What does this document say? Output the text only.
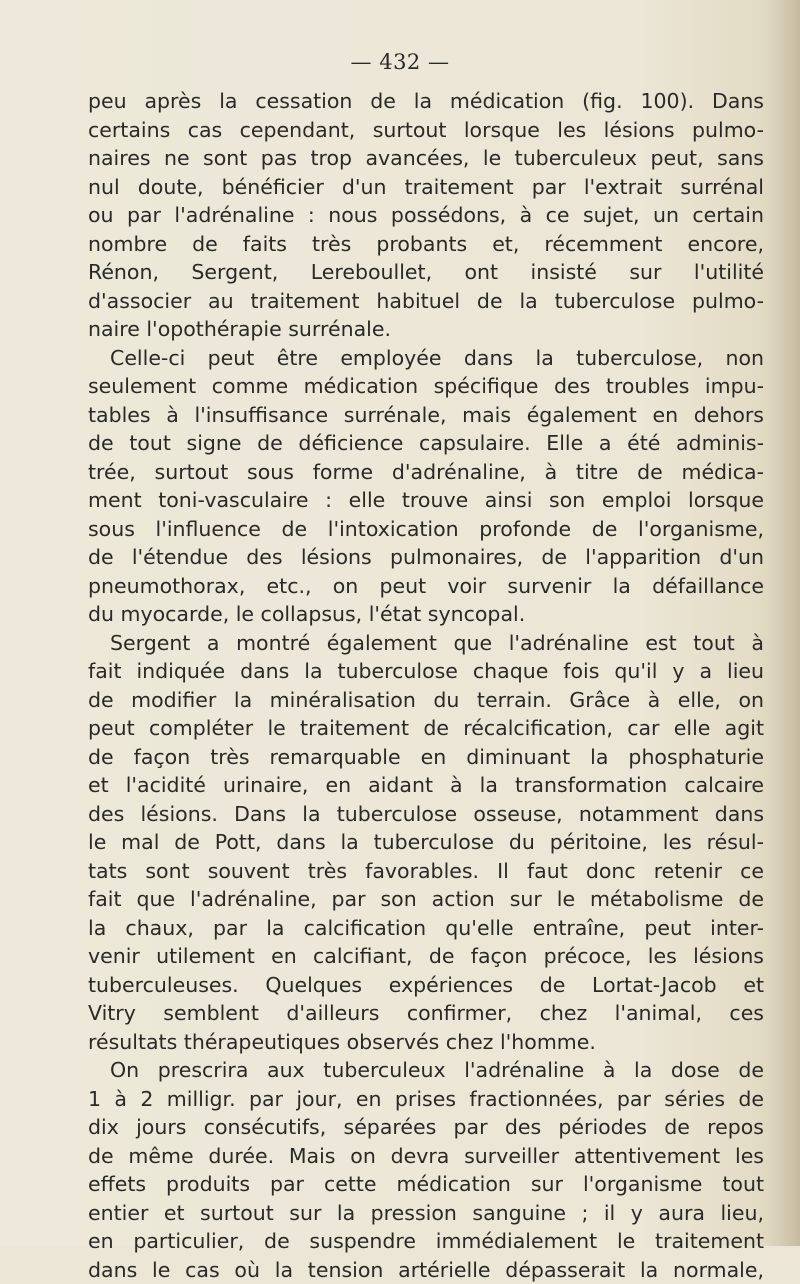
— 432 —
peu après la cessation de la médication (fig. 100). Dans
certains cas cependant, surtout lorsque les lésions pulmo-
naires ne sont pas trop avancées, le tuberculeux peut, sans
nul doute, bénéficier d'un traitement par l'extrait surrénal
ou par l'adrénaline : nous possédons, à ce sujet, un certain
nombre de faits très probants et, récemment encore,
Rénon, Sergent, Lereboullet, ont insisté sur l'utilité
d'associer au traitement habituel de la tuberculose pulmo-
naire l'opothérapie surrénale.
Celle-ci peut être employée dans la tuberculose, non
seulement comme médication spécifique des troubles impu-
tables à l'insuffisance surrénale, mais également en dehors
de tout signe de déficience capsulaire. Elle a été adminis-
trée, surtout sous forme d'adrénaline, à titre de médica-
ment toni-vasculaire : elle trouve ainsi son emploi lorsque
sous l'influence de l'intoxication profonde de l'organisme,
de l'étendue des lésions pulmonaires, de l'apparition d'un
pneumothorax, etc., on peut voir survenir la défaillance
du myocarde, le collapsus, l'état syncopal.
Sergent a montré également que l'adrénaline est tout à
fait indiquée dans la tuberculose chaque fois qu'il y a lieu
de modifier la minéralisation du terrain. Grâce à elle, on
peut compléter le traitement de récalcification, car elle agit
de façon très remarquable en diminuant la phosphaturie
et l'acidité urinaire, en aidant à la transformation calcaire
des lésions. Dans la tuberculose osseuse, notamment dans
le mal de Pott, dans la tuberculose du péritoine, les résul-
tats sont souvent très favorables. Il faut donc retenir ce
fait que l'adrénaline, par son action sur le métabolisme de
la chaux, par la calcification qu'elle entraîne, peut inter-
venir utilement en calcifiant, de façon précoce, les lésions
tuberculeuses. Quelques expériences de Lortat-Jacob et
Vitry semblent d'ailleurs confirmer, chez l'animal, ces
résultats thérapeutiques observés chez l'homme.
On prescrira aux tuberculeux l'adrénaline à la dose de
1 à 2 milligr. par jour, en prises fractionnées, par séries de
dix jours consécutifs, séparées par des périodes de repos
de même durée. Mais on devra surveiller attentivement les
effets produits par cette médication sur l'organisme tout
entier et surtout sur la pression sanguine ; il y aura lieu,
en particulier, de suspendre immédialement le traitement
dans le cas où la tension artérielle dépasserait la normale,
